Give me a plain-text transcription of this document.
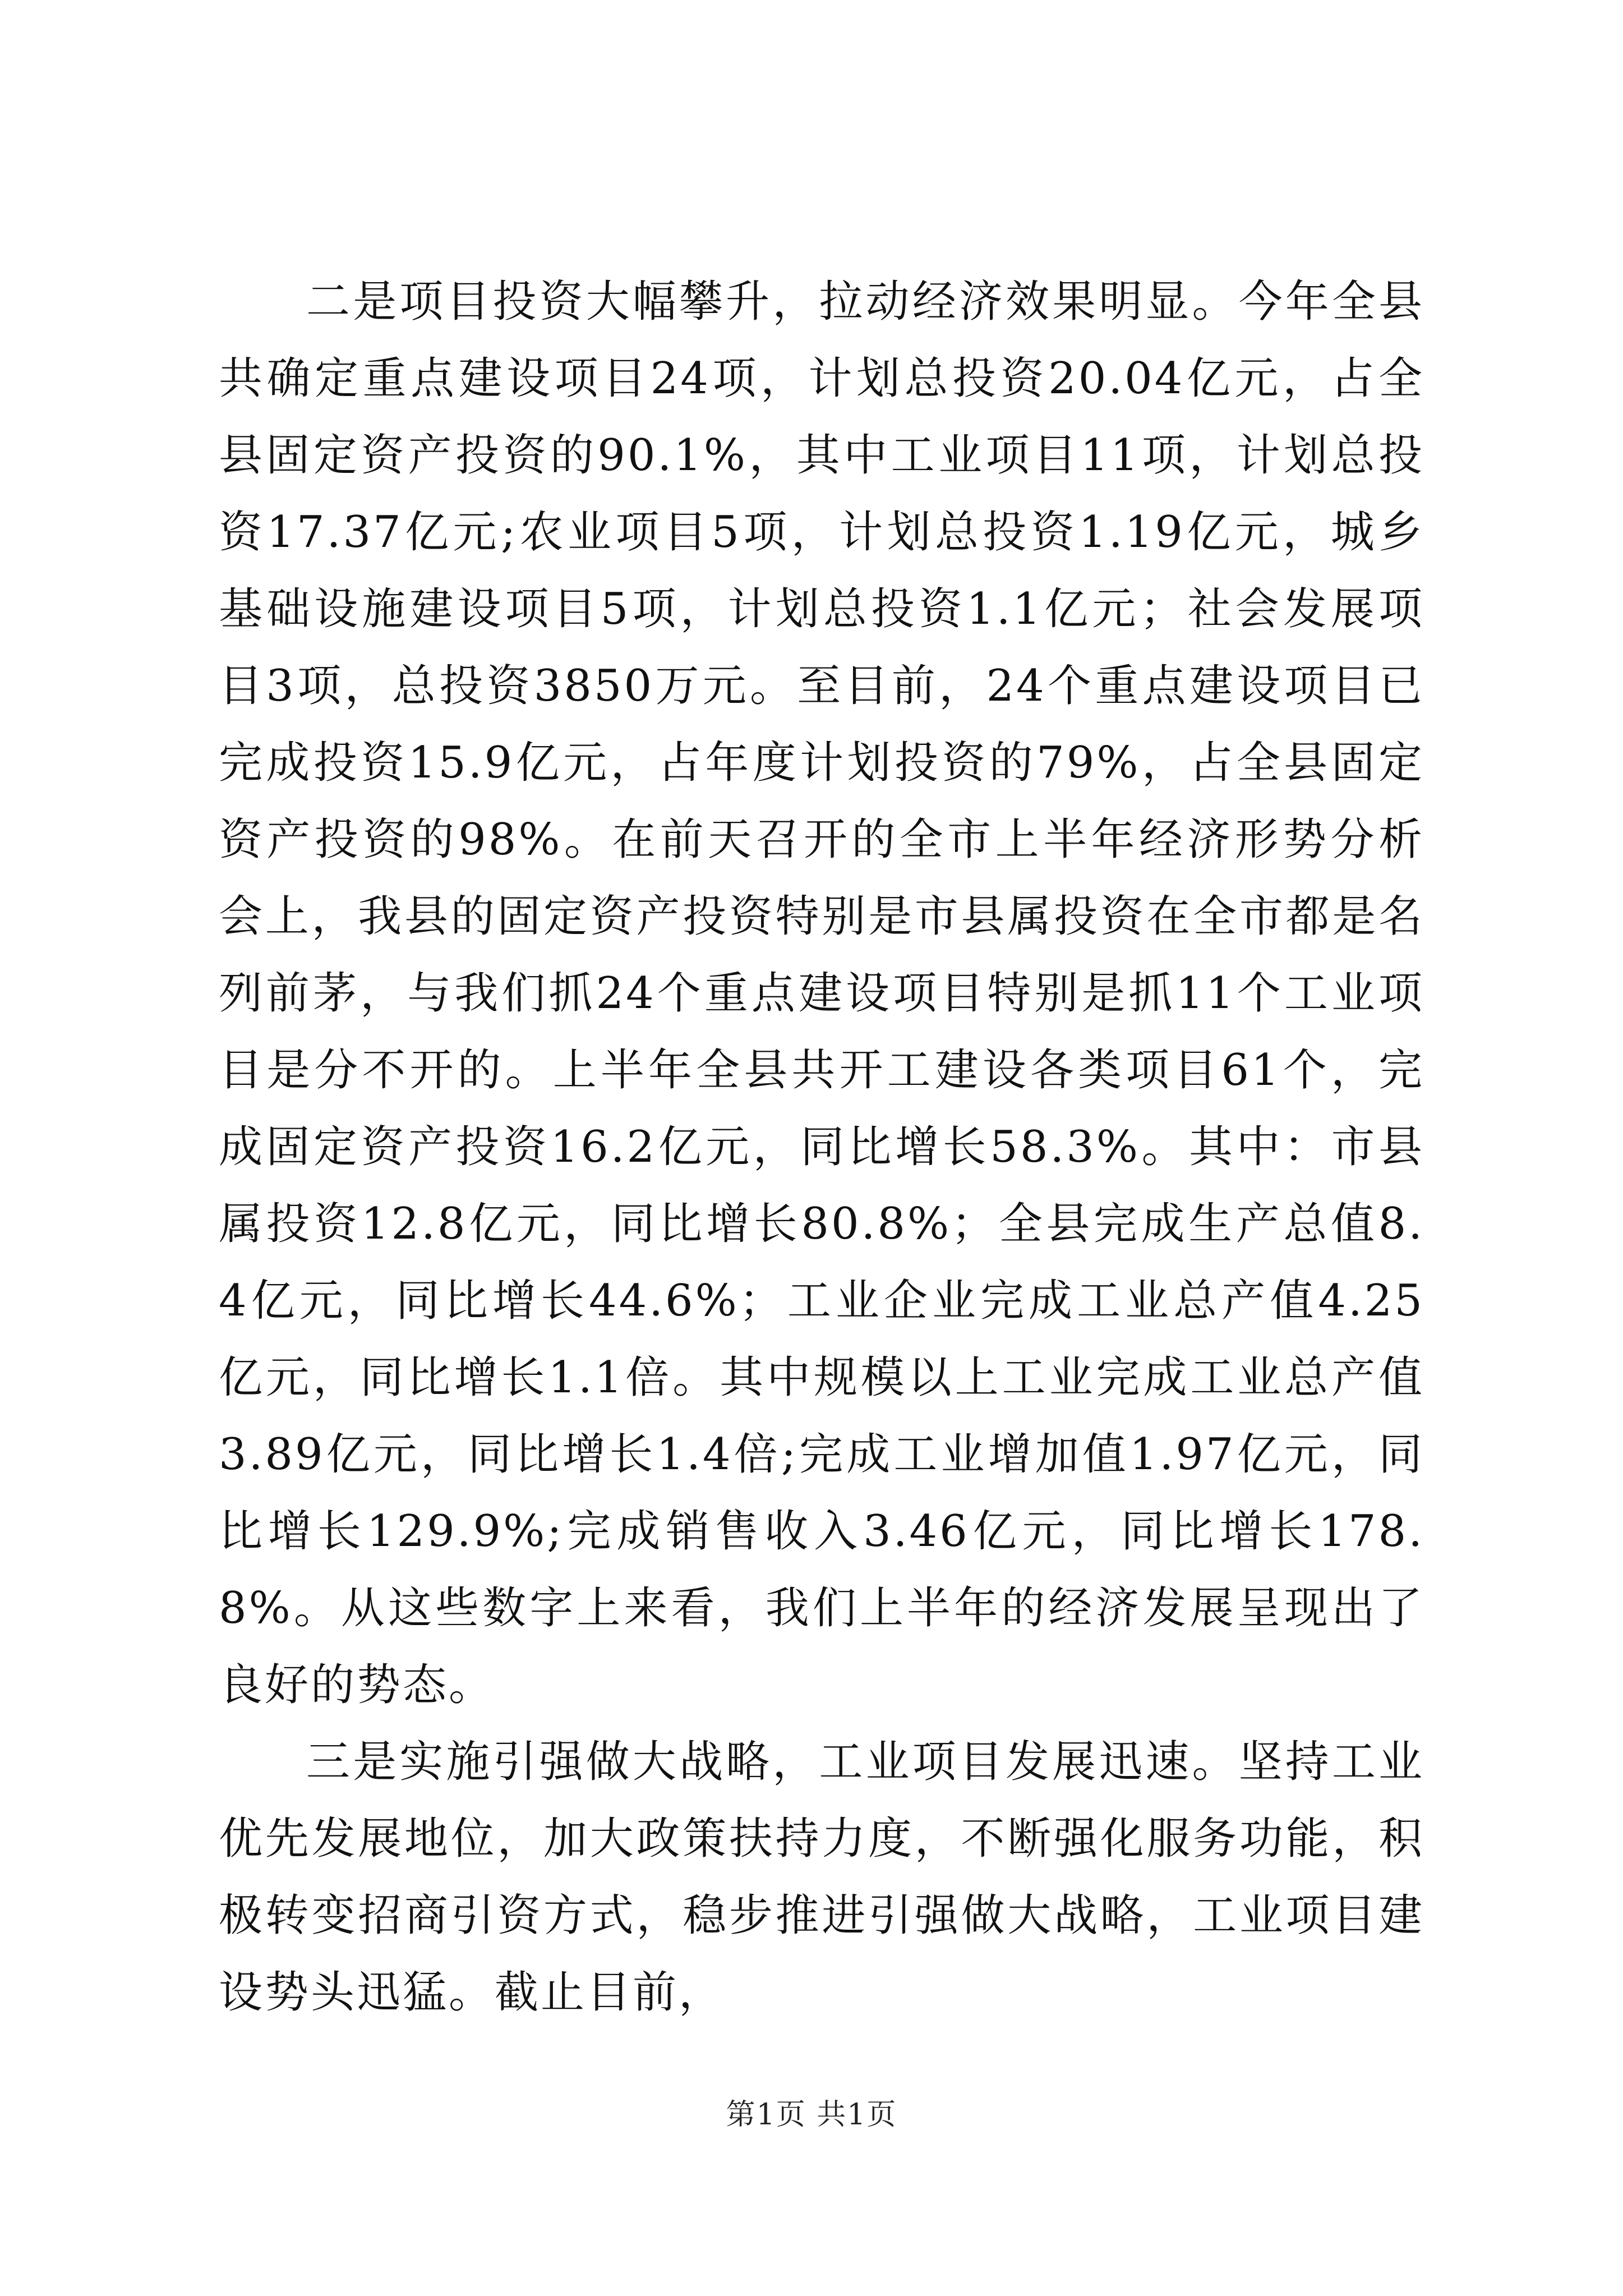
二是项目投资大幅攀升，拉动经济效果明显。今年全县共确定重点建设项目24项，计划总投资20.04亿元，占全县固定资产投资的90.1%，其中工业项目11项，计划总投资17.37亿元;农业项目5项，计划总投资1.19亿元，城乡基础设施建设项目5项，计划总投资1.1亿元；社会发展项目3项，总投资3850万元。至目前，24个重点建设项目已完成投资15.9亿元，占年度计划投资的79%，占全县固定资产投资的98%。在前天召开的全市上半年经济形势分析会上，我县的固定资产投资特别是市县属投资在全市都是名列前茅，与我们抓24个重点建设项目特别是抓11个工业项目是分不开的。上半年全县共开工建设各类项目61个，完成固定资产投资16.2亿元，同比增长58.3%。其中：市县属投资12.8亿元，同比增长80.8%；全县完成生产总值8.4亿元，同比增长44.6%；工业企业完成工业总产值4.25亿元，同比增长1.1倍。其中规模以上工业完成工业总产值3.89亿元，同比增长1.4倍;完成工业增加值1.97亿元，同比增长129.9%;完成销售收入3.46亿元，同比增长178.8%。从这些数字上来看，我们上半年的经济发展呈现出了良好的势态。

三是实施引强做大战略，工业项目发展迅速。坚持工业优先发展地位，加大政策扶持力度，不断强化服务功能，积极转变招商引资方式，稳步推进引强做大战略，工业项目建设势头迅猛。截止目前，

第1页 共1页
